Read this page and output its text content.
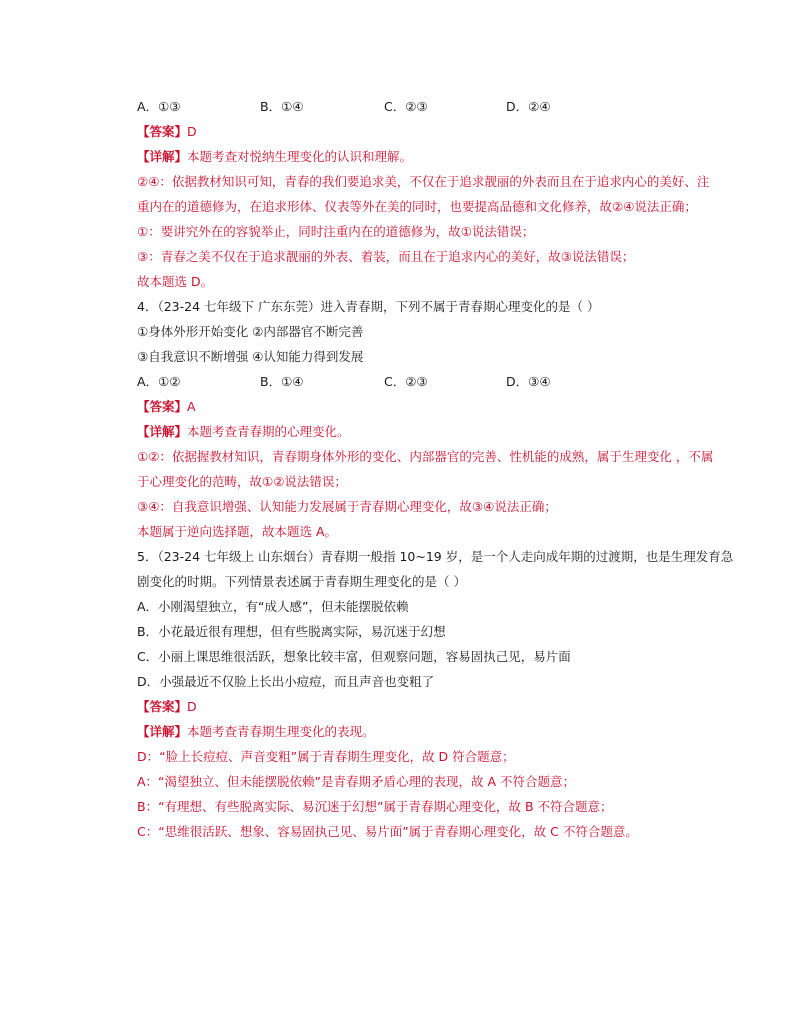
A．①③	B．①④	C．②③	D．②④
【答案】D
【详解】本题考查对悦纳生理变化的认识和理解。
②④：依据教材知识可知，青春的我们要追求美，不仅在于追求靓丽的外表而且在于追求内心的美好、注
重内在的道德修为，在追求形体、仪表等外在美的同时，也要提高品德和文化修养，故②④说法正确；
①：要讲究外在的容貌举止，同时注重内在的道德修为，故①说法错误；
③：青春之美不仅在于追求靓丽的外表、着装，而且在于追求内心的美好，故③说法错误；
故本题选 D。
4．（23-24 七年级下 广东东莞）进入青春期，下列不属于青春期心理变化的是（ ）
①身体外形开始变化 ②内部器官不断完善
③自我意识不断增强 ④认知能力得到发展
A．①②	B．①④	C．②③	D．③④
【答案】A
【详解】本题考查青春期的心理变化。
①②：依据握教材知识，青春期身体外形的变化、内部器官的完善、性机能的成熟，属于生理变化 ，不属
于心理变化的范畴，故①②说法错误；
③④：自我意识增强、认知能力发展属于青春期心理变化，故③④说法正确；
本题属于逆向选择题，故本题选 A。
5．（23-24 七年级上 山东烟台）青春期一般指 10~19 岁，是一个人走向成年期的过渡期，也是生理发育急
剧变化的时期。下列情景表述属于青春期生理变化的是（ ）
A．小刚渴望独立，有“成人感”，但未能摆脱依赖
B．小花最近很有理想，但有些脱离实际，易沉迷于幻想
C．小丽上课思维很活跃，想象比较丰富，但观察问题，容易固执己见，易片面
D．小强最近不仅脸上长出小痘痘，而且声音也变粗了
【答案】D
【详解】本题考查青春期生理变化的表现。
D：“脸上长痘痘、声音变粗”属于青春期生理变化，故 D 符合题意；
A：“渴望独立、但未能摆脱依赖”是青春期矛盾心理的表现，故 A 不符合题意；
B：“有理想、有些脱离实际、易沉迷于幻想”属于青春期心理变化，故 B 不符合题意；
C：“思维很活跃、想象、容易固执己见、易片面”属于青春期心理变化，故 C 不符合题意。
